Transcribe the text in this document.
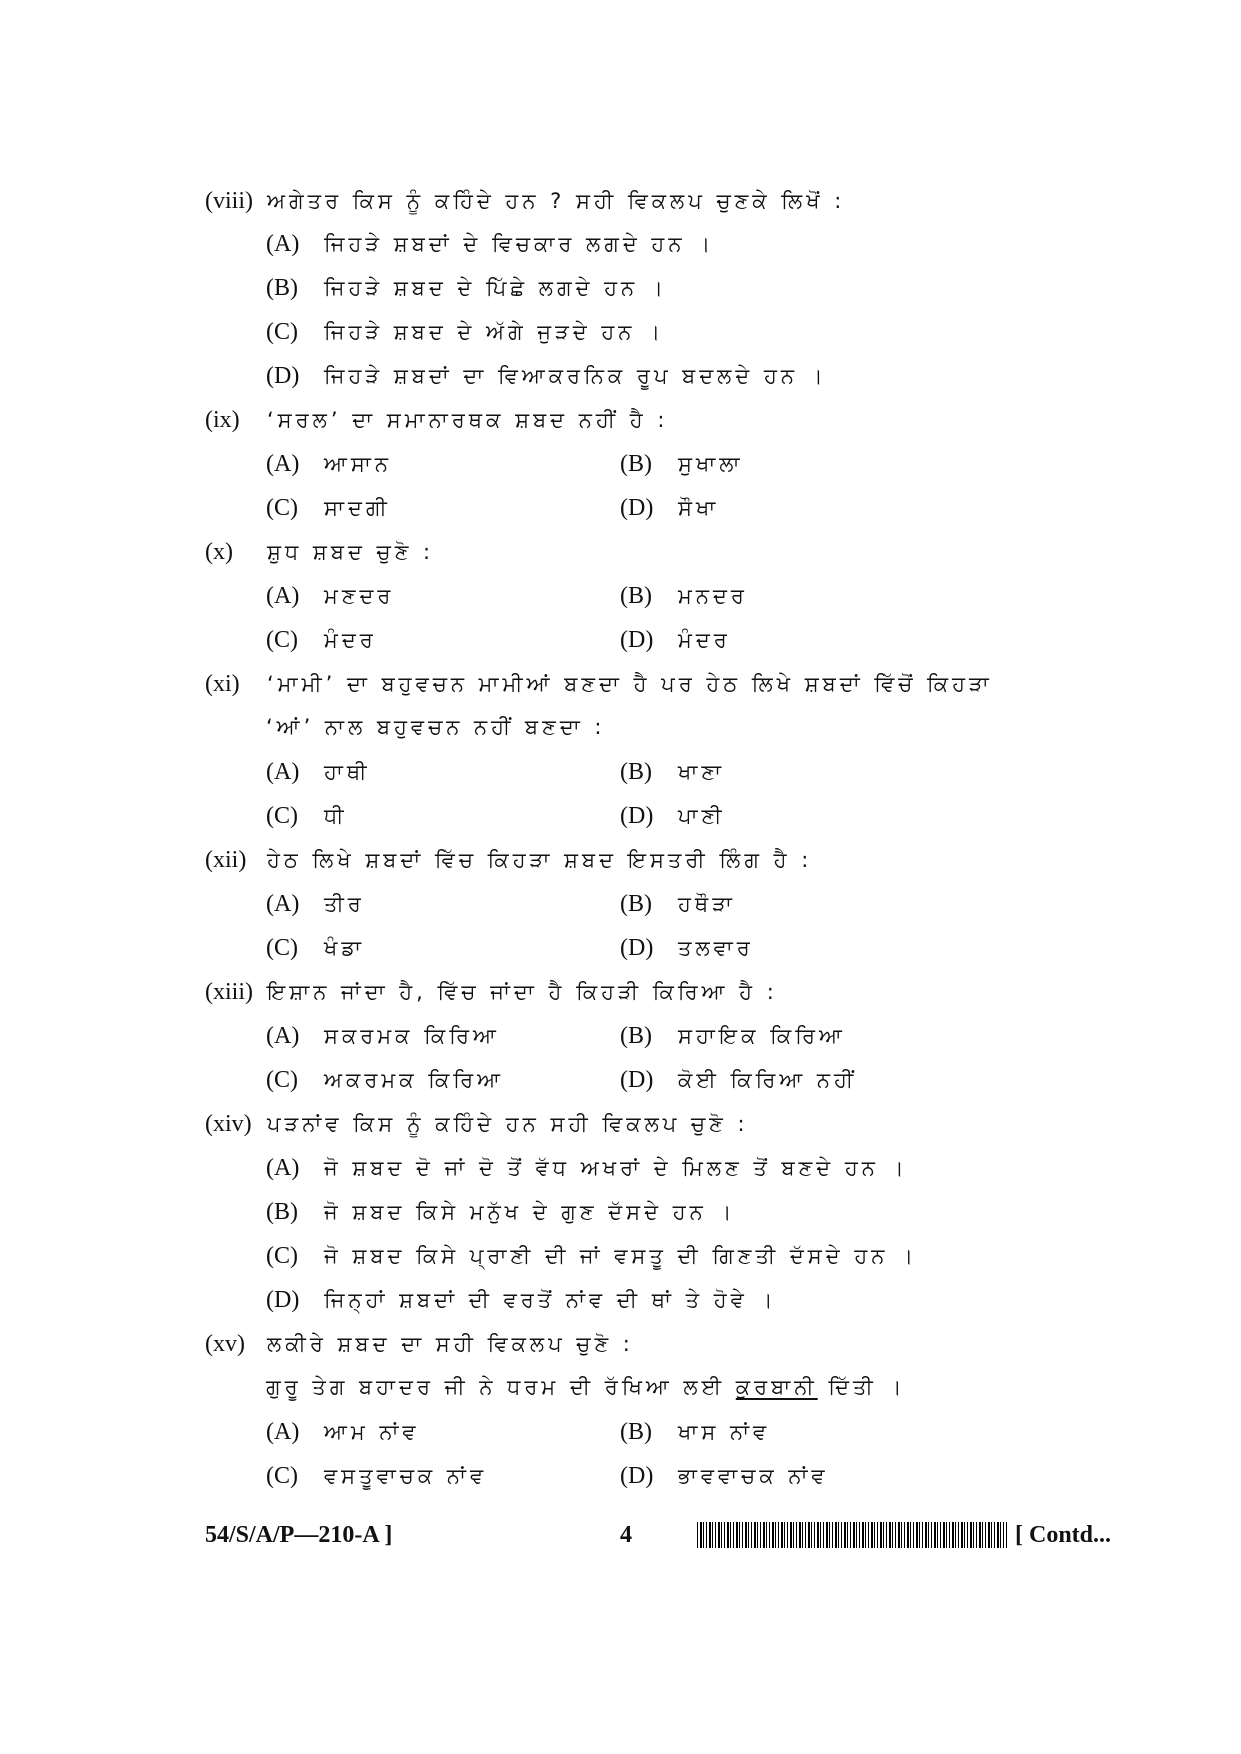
(viii) ਅਗੇਤਰ ਕਿਸ ਨੂੰ ਕਹਿੰਦੇ ਹਨ ? ਸਹੀ ਵਿਕਲਪ ਚੁਣਕੇ ਲਿਖੋਂ :
(A) ਜਿਹੜੇ ਸ਼ਬਦਾਂ ਦੇ ਵਿਚਕਾਰ ਲਗਦੇ ਹਨ ।
(B) ਜਿਹੜੇ ਸ਼ਬਦ ਦੇ ਪਿੱਛੇ ਲਗਦੇ ਹਨ ।
(C) ਜਿਹੜੇ ਸ਼ਬਦ ਦੇ ਅੱਗੇ ਜੁੜਦੇ ਹਨ ।
(D) ਜਿਹੜੇ ਸ਼ਬਦਾਂ ਦਾ ਵਿਆਕਰਨਿਕ ਰੂਪ ਬਦਲਦੇ ਹਨ ।
(ix) ‘ਸਰਲ’ ਦਾ ਸਮਾਨਾਰਥਕ ਸ਼ਬਦ ਨਹੀਂ ਹੈ :
(A) ਆਸਾਨ	(B) ਸੁਖਾਲਾ
(C) ਸਾਦਗੀ	(D) ਸੌਖਾ
(x) ਸ਼ੁਧ ਸ਼ਬਦ ਚੁਣੋ :
(A) ਮਣਦਰ	(B) ਮਨਦਰ
(C) ਮੰਦਰ	(D) ਮੰਦਰ
(xi) ‘ਮਾਮੀ’ ਦਾ ਬਹੁਵਚਨ ਮਾਮੀਆਂ ਬਣਦਾ ਹੈ ਪਰ ਹੇਠ ਲਿਖੇ ਸ਼ਬਦਾਂ ਵਿੱਚੋਂ ਕਿਹੜਾ
‘ਆਂ’ ਨਾਲ ਬਹੁਵਚਨ ਨਹੀਂ ਬਣਦਾ :
(A) ਹਾਥੀ	(B) ਖਾਣਾ
(C) ਧੀ	(D) ਪਾਣੀ
(xii) ਹੇਠ ਲਿਖੇ ਸ਼ਬਦਾਂ ਵਿੱਚ ਕਿਹੜਾ ਸ਼ਬਦ ਇਸਤਰੀ ਲਿੰਗ ਹੈ :
(A) ਤੀਰ	(B) ਹਥੌੜਾ
(C) ਖੰਡਾ	(D) ਤਲਵਾਰ
(xiii) ਇਸ਼ਾਨ ਜਾਂਦਾ ਹੈ, ਵਿੱਚ ਜਾਂਦਾ ਹੈ ਕਿਹੜੀ ਕਿਰਿਆ ਹੈ :
(A) ਸਕਰਮਕ ਕਿਰਿਆ	(B) ਸਹਾਇਕ ਕਿਰਿਆ
(C) ਅਕਰਮਕ ਕਿਰਿਆ	(D) ਕੋਈ ਕਿਰਿਆ ਨਹੀਂ
(xiv) ਪੜਨਾਂਵ ਕਿਸ ਨੂੰ ਕਹਿੰਦੇ ਹਨ ਸਹੀ ਵਿਕਲਪ ਚੁਣੋ :
(A) ਜੋ ਸ਼ਬਦ ਦੋ ਜਾਂ ਦੋ ਤੋਂ ਵੱਧ ਅਖਰਾਂ ਦੇ ਮਿਲਣ ਤੋਂ ਬਣਦੇ ਹਨ ।
(B) ਜੋ ਸ਼ਬਦ ਕਿਸੇ ਮਨੁੱਖ ਦੇ ਗੁਣ ਦੱਸਦੇ ਹਨ ।
(C) ਜੋ ਸ਼ਬਦ ਕਿਸੇ ਪ੍ਰਾਣੀ ਦੀ ਜਾਂ ਵਸਤੂ ਦੀ ਗਿਣਤੀ ਦੱਸਦੇ ਹਨ ।
(D) ਜਿਨ੍ਹਾਂ ਸ਼ਬਦਾਂ ਦੀ ਵਰਤੋਂ ਨਾਂਵ ਦੀ ਥਾਂ ਤੇ ਹੋਵੇ ।
(xv) ਲਕੀਰੇ ਸ਼ਬਦ ਦਾ ਸਹੀ ਵਿਕਲਪ ਚੁਣੋ :
ਗੁਰੂ ਤੇਗ ਬਹਾਦਰ ਜੀ ਨੇ ਧਰਮ ਦੀ ਰੱਖਿਆ ਲਈ ਕੁਰਬਾਨੀ ਦਿੱਤੀ ।
(A) ਆਮ ਨਾਂਵ	(B) ਖਾਸ ਨਾਂਵ
(C) ਵਸਤੂਵਾਚਕ ਨਾਂਵ	(D) ਭਾਵਵਾਚਕ ਨਾਂਵ
54/S/A/P—210-A ]	4	[ Contd...
